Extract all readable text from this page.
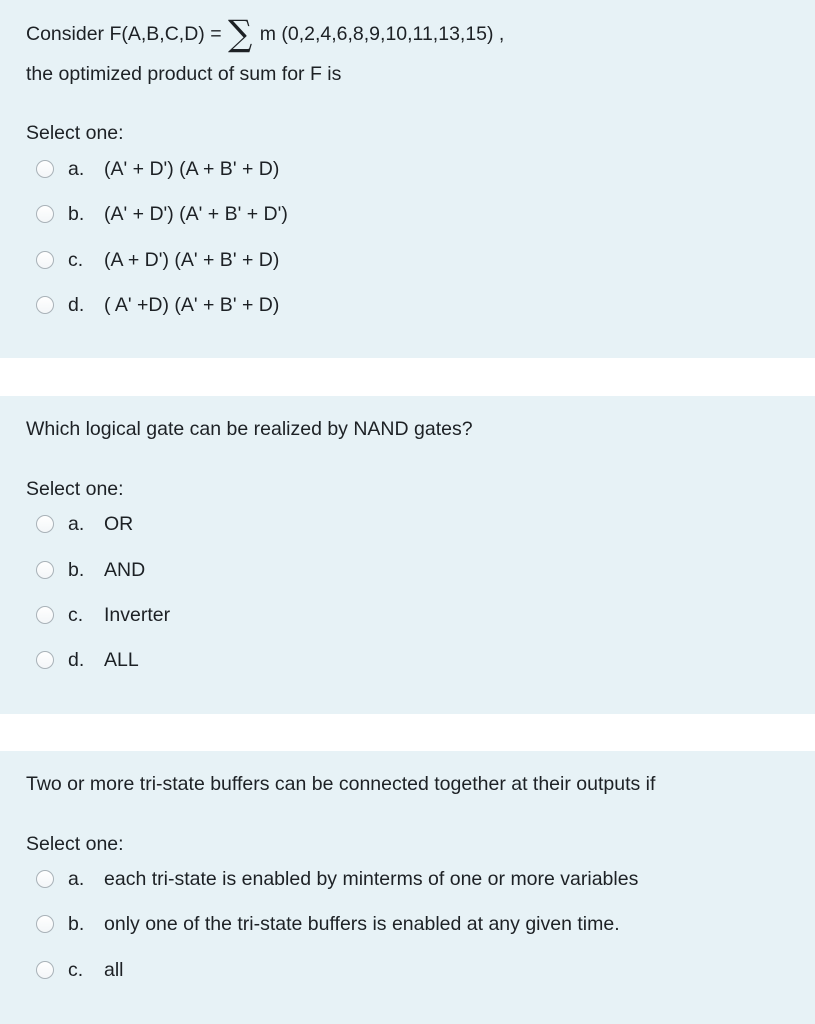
Consider F(A,B,C,D) = ∑ m (0,2,4,6,8,9,10,11,13,15) ,

the optimized product of sum for F is

Select one:
a.	(A' + D') (A + B' + D)
b.	(A' + D') (A' + B' + D')
c.	(A + D') (A' + B' + D)
d.	( A' +D) (A' + B' + D)

Which logical gate can be realized by NAND gates?

Select one:
a.	OR
b.	AND
c.	Inverter
d.	ALL

Two or more tri-state buffers can be connected together at their outputs if

Select one:
a.	each tri-state is enabled by minterms of one or more variables
b.	only one of the tri-state buffers is enabled at any given time.
c.	all
